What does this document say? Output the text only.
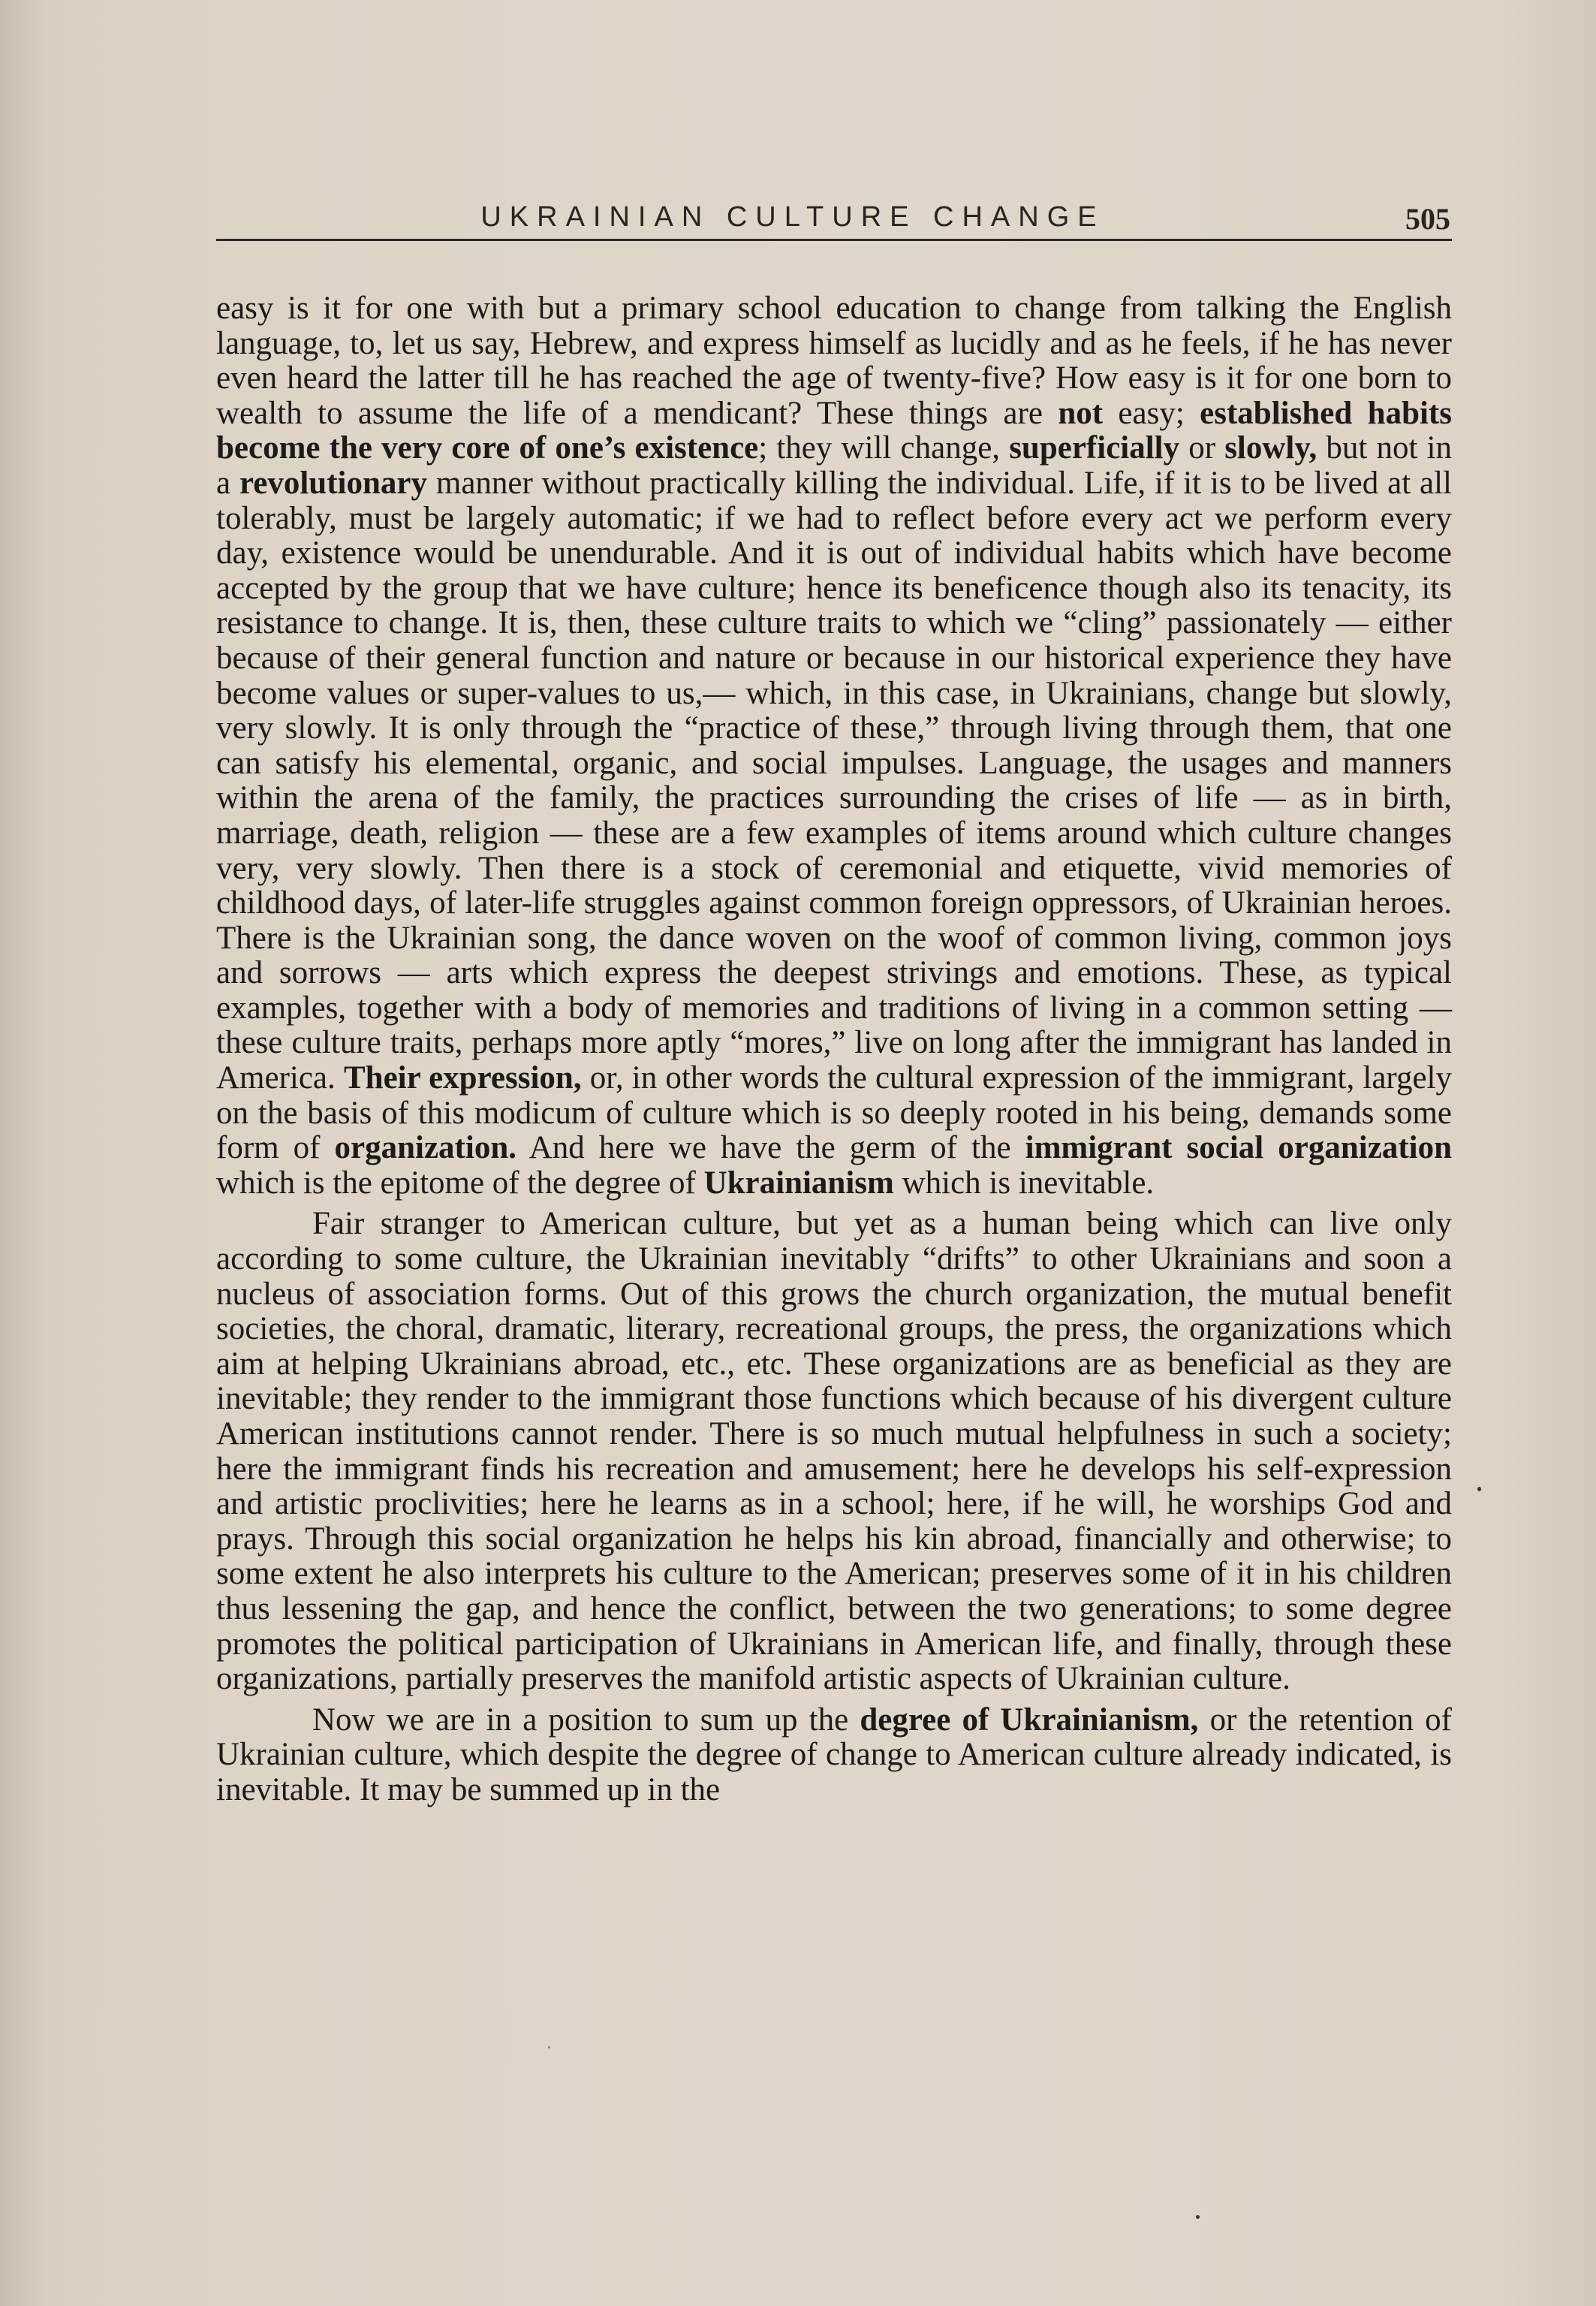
UKRAINIAN CULTURE CHANGE	505

easy is it for one with but a primary school education to change from talking the English language, to, let us say, Hebrew, and express himself as lucidly and as he feels, if he has never even heard the latter till he has reached the age of twenty-five? How easy is it for one born to wealth to assume the life of a mendicant? These things are not easy; established habits become the very core of one’s existence; they will change, superficially or slowly, but not in a revolutionary manner without practically killing the individual. Life, if it is to be lived at all tolerably, must be largely automatic; if we had to reflect before every act we perform every day, existence would be unendurable. And it is out of individual habits which have become accepted by the group that we have culture; hence its beneficence though also its tenacity, its resistance to change. It is, then, these culture traits to which we “cling” passionately — either because of their general function and nature or because in our historical experience they have become values or super-values to us,— which, in this case, in Ukrainians, change but slowly, very slowly. It is only through the “practice of these,” through living through them, that one can satisfy his elemental, organic, and social impulses. Language, the usages and manners within the arena of the family, the practices surrounding the crises of life — as in birth, marriage, death, religion — these are a few examples of items around which culture changes very, very slowly. Then there is a stock of ceremonial and etiquette, vivid memories of childhood days, of later-life struggles against common foreign oppressors, of Ukrainian heroes. There is the Ukrainian song, the dance woven on the woof of common living, common joys and sorrows — arts which express the deepest strivings and emotions. These, as typical examples, together with a body of memories and traditions of living in a common setting — these culture traits, perhaps more aptly “mores,” live on long after the immigrant has landed in America. Their expression, or, in other words the cultural expression of the immigrant, largely on the basis of this modicum of culture which is so deeply rooted in his being, demands some form of organization. And here we have the germ of the immigrant social organization which is the epitome of the degree of Ukrainianism which is inevitable.

Fair stranger to American culture, but yet as a human being which can live only according to some culture, the Ukrainian inevitably “drifts” to other Ukrainians and soon a nucleus of association forms. Out of this grows the church organization, the mutual benefit societies, the choral, dramatic, literary, recreational groups, the press, the organizations which aim at helping Ukrainians abroad, etc., etc. These organizations are as beneficial as they are inevitable; they render to the immigrant those functions which because of his divergent culture American institutions cannot render. There is so much mutual helpfulness in such a society; here the immigrant finds his recreation and amusement; here he develops his self-expression and artistic proclivities; here he learns as in a school; here, if he will, he worships God and prays. Through this social organization he helps his kin abroad, financially and otherwise; to some extent he also interprets his culture to the American; preserves some of it in his children thus lessening the gap, and hence the conflict, between the two generations; to some degree promotes the political participation of Ukrainians in American life, and finally, through these organizations, partially preserves the manifold artistic aspects of Ukrainian culture.

Now we are in a position to sum up the degree of Ukrainianism, or the retention of Ukrainian culture, which despite the degree of change to American culture already indicated, is inevitable. It may be summed up in the
